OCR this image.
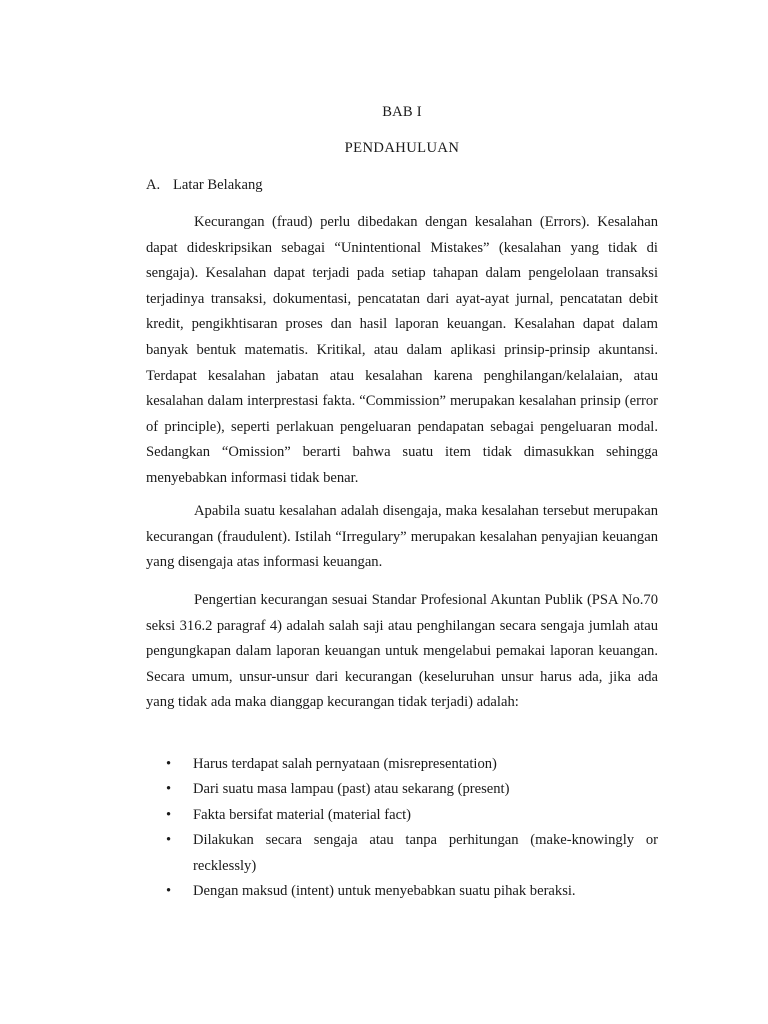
BAB I
PENDAHULUAN
A. Latar Belakang

Kecurangan (fraud) perlu dibedakan dengan kesalahan (Errors). Kesalahan dapat dideskripsikan sebagai “Unintentional Mistakes” (kesalahan yang tidak di sengaja). Kesalahan dapat terjadi pada setiap tahapan dalam pengelolaan transaksi terjadinya transaksi, dokumentasi, pencatatan dari ayat-ayat jurnal, pencatatan debit kredit, pengikhtisaran proses dan hasil laporan keuangan. Kesalahan dapat dalam banyak bentuk matematis. Kritikal, atau dalam aplikasi prinsip-prinsip akuntansi. Terdapat kesalahan jabatan atau kesalahan karena penghilangan/kelalaian, atau kesalahan dalam interprestasi fakta. “Commission” merupakan kesalahan prinsip (error of principle), seperti perlakuan pengeluaran pendapatan sebagai pengeluaran modal. Sedangkan “Omission” berarti bahwa suatu item tidak dimasukkan sehingga menyebabkan informasi tidak benar.

Apabila suatu kesalahan adalah disengaja, maka kesalahan tersebut merupakan kecurangan (fraudulent). Istilah “Irregulary” merupakan kesalahan penyajian keuangan yang disengaja atas informasi keuangan.

Pengertian kecurangan sesuai Standar Profesional Akuntan Publik (PSA No.70 seksi 316.2 paragraf 4) adalah salah saji atau penghilangan secara sengaja jumlah atau pengungkapan dalam laporan keuangan untuk mengelabui pemakai laporan keuangan. Secara umum, unsur-unsur dari kecurangan (keseluruhan unsur harus ada, jika ada yang tidak ada maka dianggap kecurangan tidak terjadi) adalah:

• Harus terdapat salah pernyataan (misrepresentation)
• Dari suatu masa lampau (past) atau sekarang (present)
• Fakta bersifat material (material fact)
• Dilakukan secara sengaja atau tanpa perhitungan (make-knowingly or recklessly)
• Dengan maksud (intent) untuk menyebabkan suatu pihak beraksi.
